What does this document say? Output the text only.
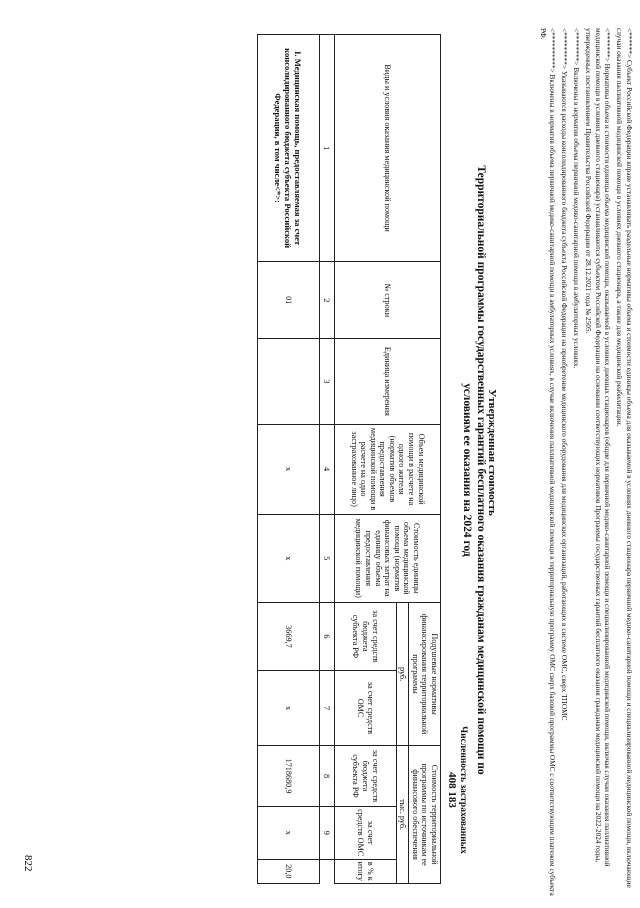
<******> Субъект Российской Федерации вправе устанавливать раздельные нормативы объема и стоимости единицы объема для оказываемой в условиях дневного стационара первичной медико-санитарной помощи и специализированной медицинской помощи, включающие случаи оказания паллиативной медицинской помощи в условиях дневного стационара, а также для медицинской реабилитации.

<*******> Нормативы объема и стоимости единицы объема медицинской помощи, оказываемой в условиях дневных стационаров (общие для первичной медико-санитарной помощи и специализированной медицинской помощи, включая случаи оказания паллиативной медицинской помощи в условиях дневного стационара) устанавливаются субъектом Российской Федерации на основании соответствующих нормативов Программы государственных гарантий бесплатного оказания гражданам медицинской помощи на 2022-2024 годы, утвержденных постановлением Правительства Российской Федерации от 28.12.2021 года № 2505.

<********> Включены в норматив объема первичной медико-санитарной помощи в амбулаторных условиях.

<*********> Указываются расходы консолидированного бюджета субъекта Российской Федерации на приобретение медицинского оборудования для медицинских организаций, работающих в системе ОМС, сверх ТПОМС

<**********> Включены в норматив объема первичной медико-санитарной помощи в амбулаторных условиях, в случае включения паллиативной медицинской помощи в территориальную программу ОМС сверх базовой программы ОМС с соответствующим платежом субъекта РФ.

Утвержденная стоимость
Территориальной программы государственных гарантий бесплатного оказания гражданам медицинской помощи по условиям ее оказания на 2024 год
Численность застрахованных
408 183
Виды и условия оказания медицинской помощи	№ строки	Единица измерения	Объем медицинской помощи в расчете на одного жителя (норматив объемов предоставления медицинской помощи в расчете на одно застрахованное лицо)	Стоимость единицы объема медицинской помощи (норматив финансовых затрат на единицу объема предоставления медицинской помощи)	Подушевые нормативы финансирования территориальной программы		Стоимость территориальной программы по источникам ее финансового обеспечения		
					руб.		тыс. руб.		
					за счет средств бюджета субъекта РФ	за счет средств ОМС	за счет средств бюджета субъекта РФ	за счет средств ОМС	в % к итогу
1	2	3	4	5	6	7	8	9	
I. Медицинская помощь, предоставляемая за счет консолидированного бюджета субъекта Российской Федерации, в том числе<*>:	01		x	x	3669,7	x	1718680,9	x	20,0
822
